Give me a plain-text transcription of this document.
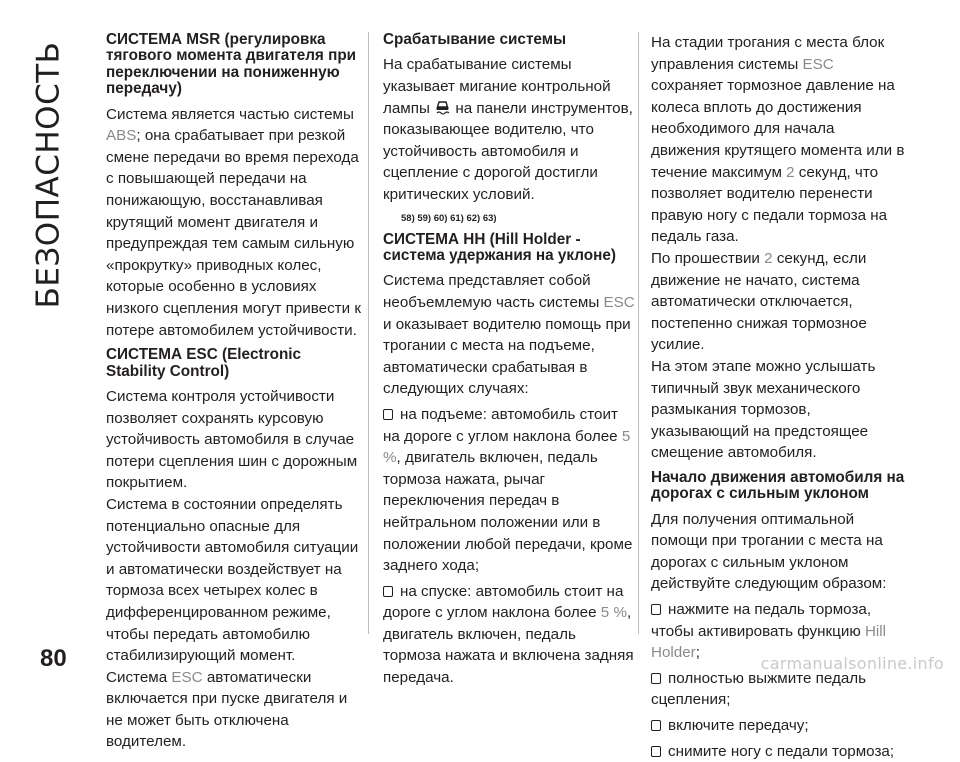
БЕЗОПАСНОСТЬ
СИСТЕМА MSR (регулировка тягового момента двигателя при переключении на пониженную передачу)

Система является частью системы ABS; она срабатывает при резкой смене передачи во время перехода с повышающей передачи на понижающую, восстанавливая крутящий момент двигателя и предупреждая тем самым сильную «прокрутку» приводных колес, которые особенно в условиях низкого сцепления могут привести к потере автомобилем устойчивости.

СИСТЕМА ESC (Electronic Stability Control)

Система контроля устойчивости позволяет сохранять курсовую устойчивость автомобиля в случае потери сцепления шин с дорожным покрытием.

Система в состоянии определять потенциально опасные для устойчивости автомобиля ситуации и автоматически воздействует на тормоза всех четырех колес в дифференцированном режиме, чтобы передать автомобилю стабилизирующий момент.

Система ESC автоматически включается при пуске двигателя и не может быть отключена водителем.

Срабатывание системы

На срабатывание системы указывает мигание контрольной лампы  на панели инструментов, показывающее водителю, что устойчивость автомобиля и сцепление с дорогой достигли критических условий.

58) 59) 60) 61) 62) 63)

СИСТЕМА HH (Hill Holder - система удержания на уклоне)

Система представляет собой необъемлемую часть системы ESC и оказывает водителю помощь при трогании с места на подъеме, автоматически срабатывая в следующих случаях:

на подъеме: автомобиль стоит на дороге с углом наклона более 5 %, двигатель включен, педаль тормоза нажата, рычаг переключения передач в нейтральном положении или в положении любой передачи, кроме заднего хода;

на спуске: автомобиль стоит на дороге с углом наклона более 5 %, двигатель включен, педаль тормоза нажата и включена задняя передача.

На стадии трогания с места блок управления системы ESC сохраняет тормозное давление на колеса вплоть до достижения необходимого для начала движения крутящего момента или в течение максимум 2 секунд, что позволяет водителю перенести правую ногу с педали тормоза на педаль газа.

По прошествии 2 секунд, если движение не начато, система автоматически отключается, постепенно снижая тормозное усилие.

На этом этапе можно услышать типичный звук механического размыкания тормозов, указывающий на предстоящее смещение автомобиля.

Начало движения автомобиля на дорогах с сильным уклоном

Для получения оптимальной помощи при трогании с места на дорогах с сильным уклоном действуйте следующим образом:

нажмите на педаль тормоза, чтобы активировать функцию Hill Holder;

полностью выжмите педаль сцепления;

включите передачу;

снимите ногу с педали тормоза;

80	carmanualsonline.info
